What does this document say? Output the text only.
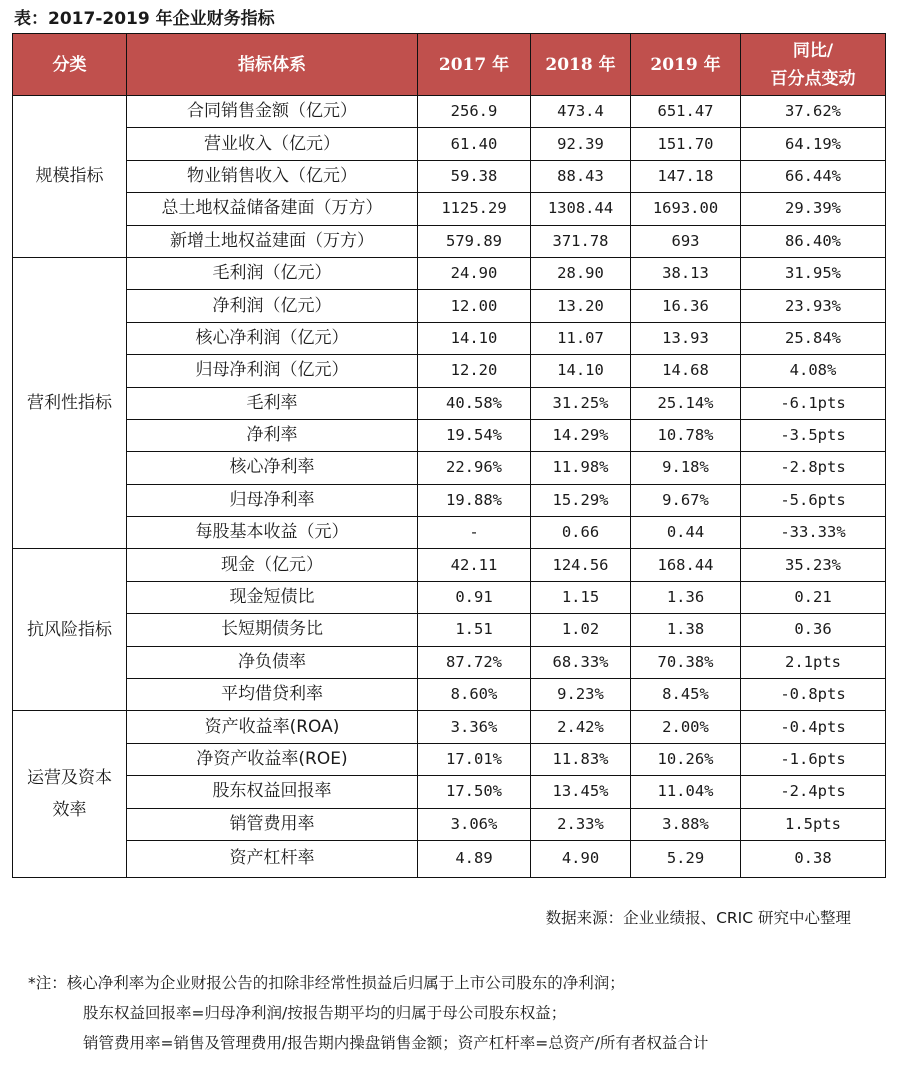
表：2017-2019 年企业财务指标
分类	指标体系	2017 年	2018 年	2019 年	同比/
百分点变动

规模指标	合同销售金额（亿元）	256.9	473.4	651.47	37.62%
	营业收入（亿元）	61.40	92.39	151.70	64.19%
	物业销售收入（亿元）	59.38	88.43	147.18	66.44%
	总土地权益储备建面（万方）	1125.29	1308.44	1693.00	29.39%
	新增土地权益建面（万方）	579.89	371.78	693	86.40%
营利性指标	毛利润（亿元）	24.90	28.90	38.13	31.95%
	净利润（亿元）	12.00	13.20	16.36	23.93%
	核心净利润（亿元）	14.10	11.07	13.93	25.84%
	归母净利润（亿元）	12.20	14.10	14.68	4.08%
	毛利率	40.58%	31.25%	25.14%	-6.1pts
	净利率	19.54%	14.29%	10.78%	-3.5pts
	核心净利率	22.96%	11.98%	9.18%	-2.8pts
	归母净利率	19.88%	15.29%	9.67%	-5.6pts
	每股基本收益（元）	-	0.66	0.44	-33.33%
抗风险指标	现金（亿元）	42.11	124.56	168.44	35.23%
	现金短债比	0.91	1.15	1.36	0.21
	长短期债务比	1.51	1.02	1.38	0.36
	净负债率	87.72%	68.33%	70.38%	2.1pts
	平均借贷利率	8.60%	9.23%	8.45%	-0.8pts
运营及资本效率	资产收益率(ROA)	3.36%	2.42%	2.00%	-0.4pts
	净资产收益率(ROE)	17.01%	11.83%	10.26%	-1.6pts
	股东权益回报率	17.50%	13.45%	11.04%	-2.4pts
	销管费用率	3.06%	2.33%	3.88%	1.5pts
	资产杠杆率	4.89	4.90	5.29	0.38
数据来源：企业业绩报、CRIC 研究中心整理
*注：核心净利率为企业财报公告的扣除非经常性损益后归属于上市公司股东的净利润；
股东权益回报率=归母净利润/按报告期平均的归属于母公司股东权益；
销管费用率=销售及管理费用/报告期内操盘销售金额；资产杠杆率=总资产/所有者权益合计
